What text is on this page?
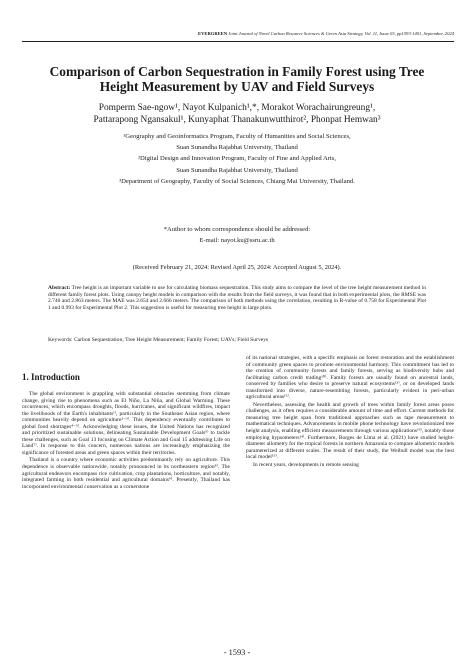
EVERGREEN Joint Journal of Novel Carbon Resource Sciences & Green Asia Strategy, Vol. 11, Issue 03, pp1593-1401, September, 2024
Comparison of Carbon Sequestration in Family Forest using Tree Height Measurement by UAV and Field Surveys
Pomperm Sae-ngow¹, Nayot Kulpanich¹,*, Morakot Worachairungreung¹,
Pattarapong Ngansakul¹, Kunyaphat Thanakunwutthirot², Phonpat Hemwan³

¹Geography and Geoinformatics Program, Faculty of Humanities and Social Sciences,

Suan Sunandha Rajabhat University, Thailand

²Digital Design and Innovation Program, Faculty of Fine and Applied Arts,

Suan Sunandha Rajabhat University, Thailand

³Department of Geography, Faculty of Social Sciences, Chiang Mai University, Thailand.

*Author to whom correspondence should be addressed:
E-mail: nayot.ku@ssru.ac.th
(Received February 21, 2024: Revised April 25, 2024: Accepted August 5, 2024).
Abstract: Tree height is an important variable to use for calculating biomass sequestration. This study aims to compare the level of the tree height measurement method in different family forest plots. Using canopy height models in comparison with the results from the field surveys, it was found that in both experimental plots, the RMSE was 2.740 and 2.863 meters. The MAE was 2.654 and 2.666 meters. The comparison of both methods using the correlation, resulting in R-value of 0.758 for Experimental Plot 1 and 0.993 for Experimental Plot 2. This suggestion is useful for measuring tree height in large plots.
Keywords: Carbon Sequestration; Tree Height Measurement; Family Forest; UAVs; Field Surveys
1. Introduction

The global environment is grappling with substantial obstacles stemming from climate change, giving rise to phenomena such as El Niño, La Niña, and Global Warming. These occurrences, which encompass droughts, floods, hurricanes, and significant wildfires, impact the livelihoods of the Earth's inhabitants¹⁾, particularly in the Southeast Asian region, where communities heavily depend on agriculture²⁻³⁾. This dependency eventually contributes to global food shortages⁴⁻⁵⁾. Acknowledging these issues, the United Nations has recognized and prioritized sustainable solutions, delineating Sustainable Development Goals⁶⁾ to tackle these challenges, such as Goal 13 focusing on Climate Action and Goal 15 addressing Life on Land⁷⁾. In response to this concern, numerous nations are increasingly emphasizing the significance of forested areas and green spaces within their territories.

Thailand is a country where economic activities predominantly rely on agriculture. This dependence is observable nationwide, notably pronounced in its northeastern region⁸⁾. The agricultural endeavors encompass rice cultivation, crop plantations, horticulture, and notably, integrated farming in both residential and agricultural domains⁹⁾. Presently, Thailand has incorporated environmental conservation as a cornerstone

of its national strategies, with a specific emphasis on forest restoration and the establishment of community green spaces to promote environmental harmony. This commitment has led to the creation of community forests and family forests, serving as biodiversity hubs and facilitating carbon credit trading¹⁰⁾. Family forests are usually found on ancestral lands, conserved by families who desire to preserve natural ecosystems¹¹⁾, or on developed lands transformed into diverse, nature-resembling forests, particularly evident in peri-urban agricultural areas¹²⁾.

Nevertheless, assessing the health and growth of trees within family forest areas poses challenges, as it often requires a considerable amount of time and effort. Current methods for measuring tree height span from traditional approaches such as tape measurement to mathematical techniques. Advancements in mobile phone technology have revolutionized tree height analysis, enabling efficient measurements through various applications¹³⁾, notably those employing hypsometers¹⁴⁾. Furthermore, Borges de Lima et al. (2021) have studied height-diameter allometry for the tropical forests in northern Amazonia to compare allometric models parameterized at different scales. The result of their study, the Weibull model was the best local model¹⁵⁾.

In recent years, developments in remote sensing

- 1593 -
